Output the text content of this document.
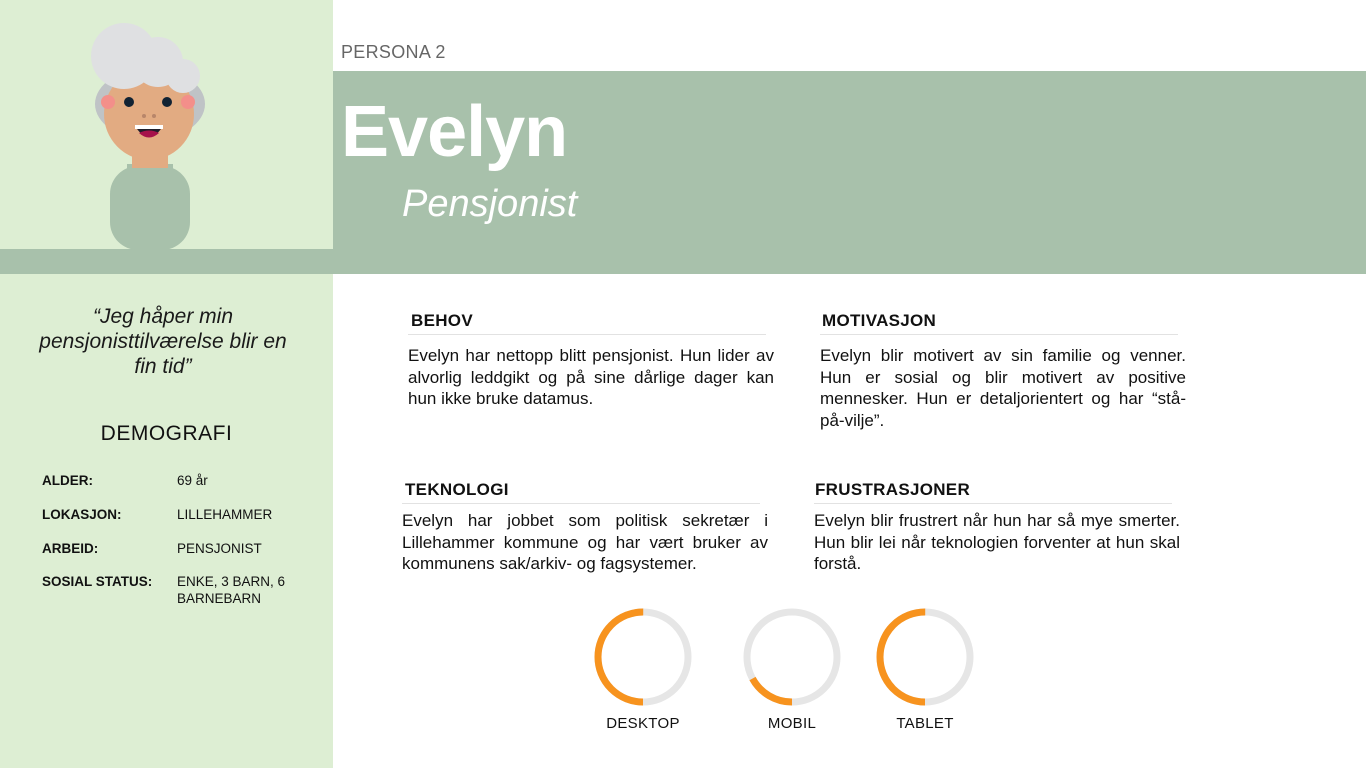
PERSONA 2
Evelyn
Pensjonist
“Jeg håper min pensjonisttilværelse blir en fin tid”
DEMOGRAFI
ALDER:	69 år
LOKASJON:	LILLEHAMMER
ARBEID:	PENSJONIST
SOSIAL STATUS:	ENKE, 3 BARN, 6 BARNEBARN
BEHOV
Evelyn har nettopp blitt pensjonist. Hun lider av alvorlig leddgikt og på sine dårlige dager kan hun ikke bruke datamus.
MOTIVASJON
Evelyn blir motivert av sin familie og venner. Hun er sosial og blir motivert av positive mennesker. Hun er detaljorientert og har “stå-på-vilje”.
TEKNOLOGI
Evelyn har jobbet som politisk sekretær i Lillehammer kommune og har vært bruker av kommunens sak/arkiv- og fagsystemer.
FRUSTRASJONER
Evelyn blir frustrert når hun har så mye smerter. Hun blir lei når teknologien forventer at hun skal forstå.
DESKTOP	MOBIL	TABLET
